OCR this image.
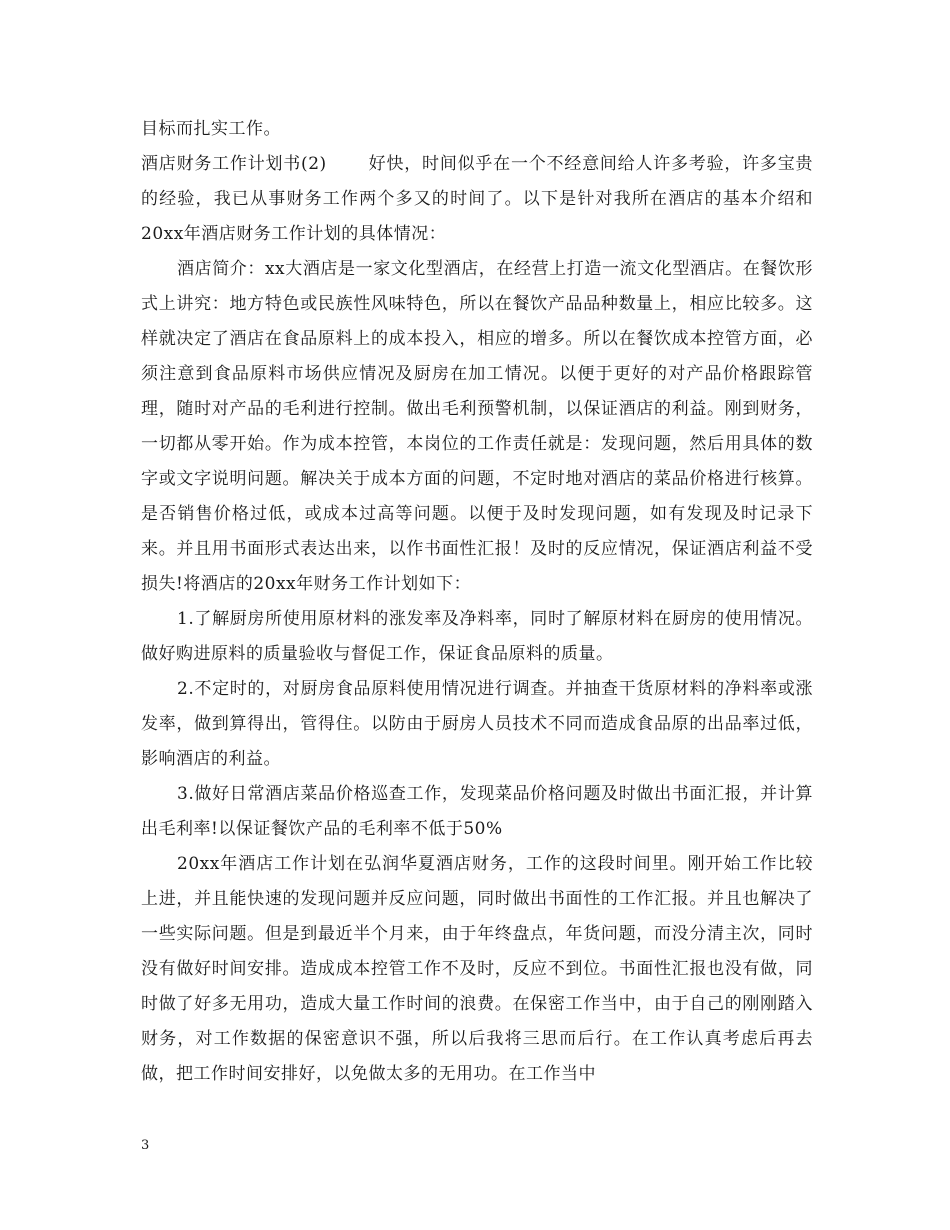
目标而扎实工作。

酒店财务工作计划书(2)　　 好快，时间似乎在一个不经意间给人许多考验，许多宝贵的经验，我已从事财务工作两个多又的时间了。以下是针对我所在酒店的基本介绍和20xx年酒店财务工作计划的具体情况：

酒店简介：xx大酒店是一家文化型酒店，在经营上打造一流文化型酒店。在餐饮形式上讲究：地方特色或民族性风味特色，所以在餐饮产品品种数量上，相应比较多。这样就决定了酒店在食品原料上的成本投入，相应的增多。所以在餐饮成本控管方面，必须注意到食品原料市场供应情况及厨房在加工情况。以便于更好的对产品价格跟踪管理，随时对产品的毛利进行控制。做出毛利预警机制，以保证酒店的利益。刚到财务，一切都从零开始。作为成本控管，本岗位的工作责任就是：发现问题，然后用具体的数字或文字说明问题。解决关于成本方面的问题，不定时地对酒店的菜品价格进行核算。是否销售价格过低，或成本过高等问题。以便于及时发现问题，如有发现及时记录下来。并且用书面形式表达出来，以作书面性汇报！及时的反应情况，保证酒店利益不受损失!将酒店的20xx年财务工作计划如下：

1.了解厨房所使用原材料的涨发率及净料率，同时了解原材料在厨房的使用情况。做好购进原料的质量验收与督促工作，保证食品原料的质量。

2.不定时的，对厨房食品原料使用情况进行调查。并抽查干货原材料的净料率或涨发率，做到算得出，管得住。以防由于厨房人员技术不同而造成食品原的出品率过低，影响酒店的利益。

3.做好日常酒店菜品价格巡查工作，发现菜品价格问题及时做出书面汇报，并计算出毛利率!以保证餐饮产品的毛利率不低于50%

20xx年酒店工作计划在弘润华夏酒店财务，工作的这段时间里。刚开始工作比较上进，并且能快速的发现问题并反应问题，同时做出书面性的工作汇报。并且也解决了一些实际问题。但是到最近半个月来，由于年终盘点，年货问题，而没分清主次，同时没有做好时间安排。造成成本控管工作不及时，反应不到位。书面性汇报也没有做，同时做了好多无用功，造成大量工作时间的浪费。在保密工作当中，由于自己的刚刚踏入财务，对工作数据的保密意识不强，所以后我将三思而后行。在工作认真考虑后再去做，把工作时间安排好，以免做太多的无用功。在工作当中

3
